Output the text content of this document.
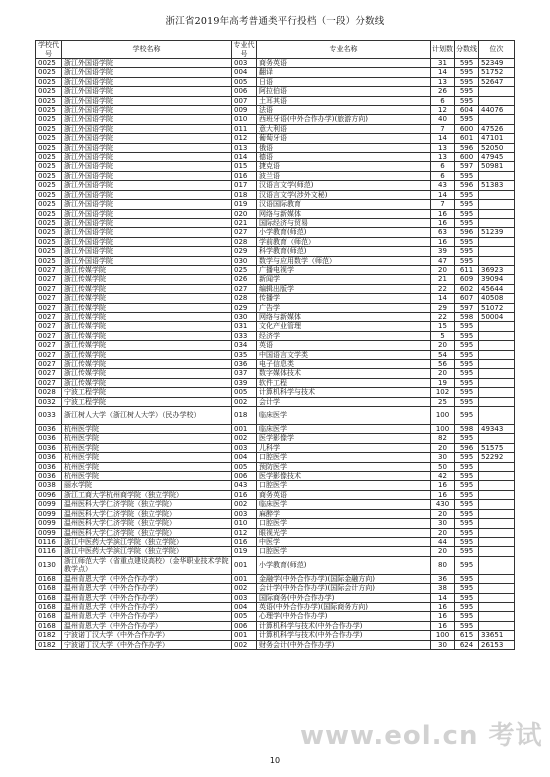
浙江省2019年高考普通类平行投档（一段）分数线
学校代号	学校名称	专业代号	专业名称	计划数	分数线	位次
0025	浙江外国语学院	003	商务英语	31	595	52349
0025	浙江外国语学院	004	翻译	14	595	51752
0025	浙江外国语学院	005	日语	13	595	52647
0025	浙江外国语学院	006	阿拉伯语	26	595	
0025	浙江外国语学院	007	土耳其语	6	595	
0025	浙江外国语学院	009	法语	12	604	44076
0025	浙江外国语学院	010	西班牙语(中外合作办学)(旅游方向)	40	595	
0025	浙江外国语学院	011	意大利语	7	600	47526
0025	浙江外国语学院	012	葡萄牙语	14	601	47101
0025	浙江外国语学院	013	俄语	13	596	52050
0025	浙江外国语学院	014	德语	13	600	47945
0025	浙江外国语学院	015	捷克语	6	597	50981
0025	浙江外国语学院	016	波兰语	6	595	
0025	浙江外国语学院	017	汉语言文学(师范)	43	596	51383
0025	浙江外国语学院	018	汉语言文学(涉外文秘)	14	595	
0025	浙江外国语学院	019	汉语国际教育	7	595	
0025	浙江外国语学院	020	网络与新媒体	16	595	
0025	浙江外国语学院	021	国际经济与贸易	16	595	
0025	浙江外国语学院	027	小学教育(师范)	63	596	51239
0025	浙江外国语学院	028	学前教育（师范）	16	595	
0025	浙江外国语学院	029	科学教育(师范)	39	595	
0025	浙江外国语学院	030	数学与应用数学（师范）	47	595	
0027	浙江传媒学院	025	广播电视学	20	611	36923
0027	浙江传媒学院	026	新闻学	21	609	39094
0027	浙江传媒学院	027	编辑出版学	22	602	45644
0027	浙江传媒学院	028	传播学	14	607	40508
0027	浙江传媒学院	029	广告学	29	597	51072
0027	浙江传媒学院	030	网络与新媒体	22	598	50004
0027	浙江传媒学院	031	文化产业管理	15	595	
0027	浙江传媒学院	033	经济学	5	595	
0027	浙江传媒学院	034	英语	20	595	
0027	浙江传媒学院	035	中国语言文学类	54	595	
0027	浙江传媒学院	036	电子信息类	56	595	
0027	浙江传媒学院	037	数字媒体技术	20	595	
0027	浙江传媒学院	039	软件工程	19	595	
0028	宁波工程学院	005	计算机科学与技术	102	595	
0032	宁波工程学院	002	会计学	25	595	
0033	浙江树人大学（浙江树人大学）（民办学校）	018	临床医学	100	595	
0036	杭州医学院	001	临床医学	100	598	49343
0036	杭州医学院	002	医学影像学	82	595	
0036	杭州医学院	003	儿科学	20	596	51575
0036	杭州医学院	004	口腔医学	30	595	52292
0036	杭州医学院	005	预防医学	50	595	
0036	杭州医学院	006	医学影像技术	42	595	
0038	丽水学院	043	口腔医学	16	595	
0096	浙江工商大学杭州商学院（独立学院）	016	商务英语	16	595	
0099	温州医科大学仁济学院（独立学院）	002	临床医学	430	595	
0099	温州医科大学仁济学院（独立学院）	003	麻醉学	20	595	
0099	温州医科大学仁济学院（独立学院）	010	口腔医学	30	595	
0099	温州医科大学仁济学院（独立学院）	012	眼视光学	20	595	
0116	浙江中医药大学滨江学院（独立学院）	016	中医学	44	595	
0116	浙江中医药大学滨江学院（独立学院）	019	口腔医学	20	595	
0130	浙江师范大学（省重点建设高校）（金华职业技术学院教学点）	001	小学教育(师范)	80	595	
0168	温州肯恩大学（中外合作办学）	001	金融学(中外合作办学)(国际金融方向)	36	595	
0168	温州肯恩大学（中外合作办学）	002	会计学(中外合作办学)(国际会计方向)	38	595	
0168	温州肯恩大学（中外合作办学）	003	国际商务(中外合作办学)	14	595	
0168	温州肯恩大学（中外合作办学）	004	英语(中外合作办学)(国际商务方向)	16	595	
0168	温州肯恩大学（中外合作办学）	005	心理学(中外合作办学)	16	595	
0168	温州肯恩大学（中外合作办学）	006	计算机科学与技术(中外合作办学)	16	595	
0182	宁波诺丁汉大学（中外合作办学）	001	计算机科学与技术(中外合作办学)	100	615	33651
0182	宁波诺丁汉大学（中外合作办学）	002	财务会计(中外合作办学)	30	624	26153
www.eol.cn 考试
10
